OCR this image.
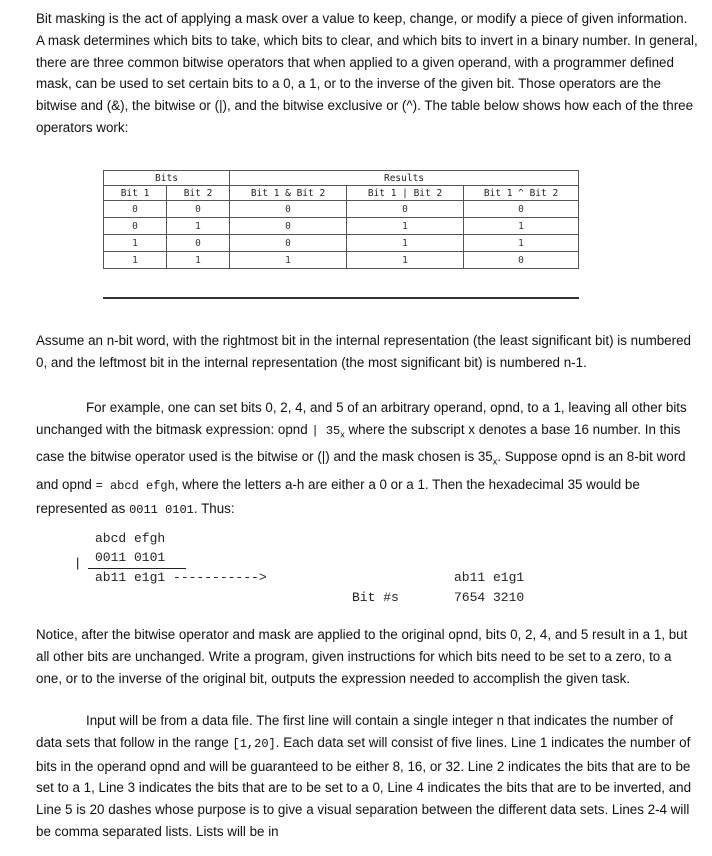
Bit masking is the act of applying a mask over a value to keep, change, or modify a piece of given information. A mask determines which bits to take, which bits to clear, and which bits to invert in a binary number. In general, there are three common bitwise operators that when applied to a given operand, with a programmer defined mask, can be used to set certain bits to a 0, a 1, or to the inverse of the given bit. Those operators are the bitwise and (&), the bitwise or (|), and the bitwise exclusive or (^). The table below shows how each of the three operators work:

Bits		Results		
Bit 1	Bit 2	Bit 1 & Bit 2	Bit 1 | Bit 2	Bit 1 ^ Bit 2
0	0	0	0	0
0	1	0	1	1
1	0	0	1	1
1	1	1	1	0

Assume an n-bit word, with the rightmost bit in the internal representation (the least significant bit) is numbered 0, and the leftmost bit in the internal representation (the most significant bit) is numbered n-1.

For example, one can set bits 0, 2, 4, and 5 of an arbitrary operand, opnd, to a 1, leaving all other bits unchanged with the bitmask expression: opnd | $35_x$ where the subscript x denotes a base 16 number. In this case the bitwise operator used is the bitwise or (|) and the mask chosen is $35_x$. Suppose opnd is an 8-bit word and opnd = abcd efgh, where the letters a-h are either a 0 or a 1. Then the hexadecimal 35 would be represented as 0011 0101. Thus:

abcd efgh
| 0011 0101
ab11 e1g1 ----------->	ab11 e1g1
Bit #s	7654 3210

Notice, after the bitwise operator and mask are applied to the original opnd, bits 0, 2, 4, and 5 result in a 1, but all other bits are unchanged. Write a program, given instructions for which bits need to be set to a zero, to a one, or to the inverse of the original bit, outputs the expression needed to accomplish the given task.

Input will be from a data file. The first line will contain a single integer n that indicates the number of data sets that follow in the range [1,20]. Each data set will consist of five lines. Line 1 indicates the number of bits in the operand opnd and will be guaranteed to be either 8, 16, or 32. Line 2 indicates the bits that are to be set to a 1, Line 3 indicates the bits that are to be set to a 0, Line 4 indicates the bits that are to be inverted, and Line 5 is 20 dashes whose purpose is to give a visual separation between the different data sets. Lines 2-4 will be comma separated lists. Lists will be in
